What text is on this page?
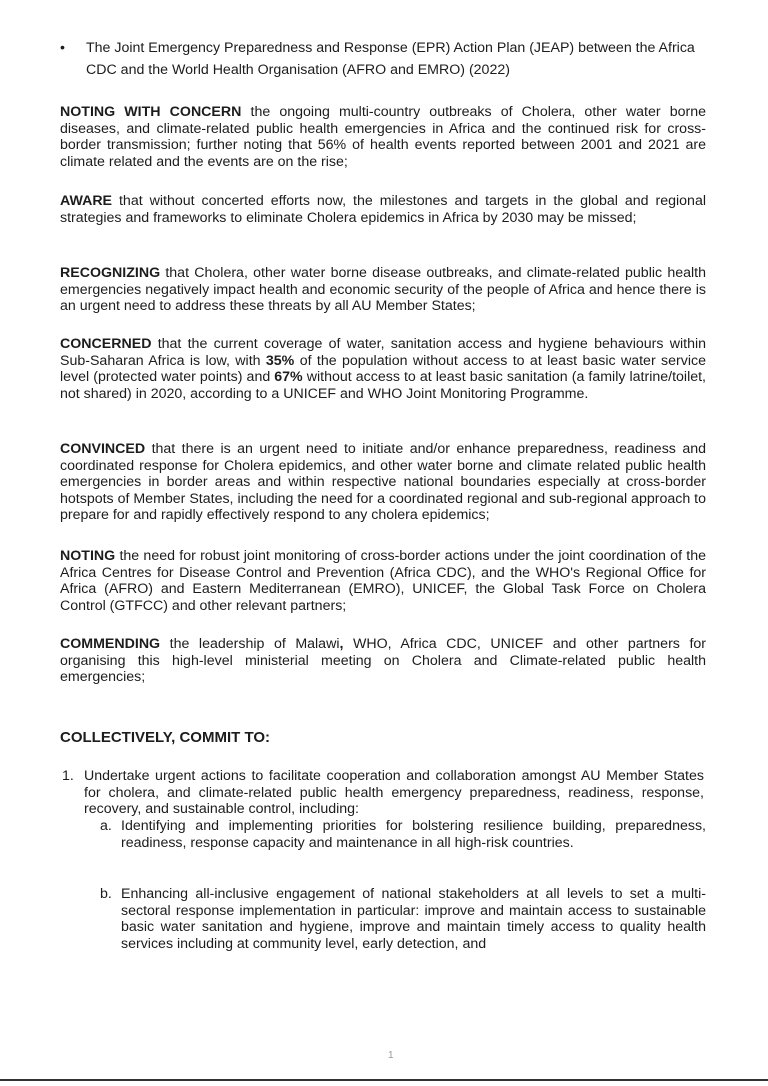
• The Joint Emergency Preparedness and Response (EPR) Action Plan (JEAP) between the Africa CDC and the World Health Organisation (AFRO and EMRO) (2022)

NOTING WITH CONCERN the ongoing multi-country outbreaks of Cholera, other water borne diseases, and climate-related public health emergencies in Africa and the continued risk for cross-border transmission; further noting that 56% of health events reported between 2001 and 2021 are climate related and the events are on the rise;

AWARE that without concerted efforts now, the milestones and targets in the global and regional strategies and frameworks to eliminate Cholera epidemics in Africa by 2030 may be missed;

RECOGNIZING that Cholera, other water borne disease outbreaks, and climate-related public health emergencies negatively impact health and economic security of the people of Africa and hence there is an urgent need to address these threats by all AU Member States;

CONCERNED that the current coverage of water, sanitation access and hygiene behaviours within Sub-Saharan Africa is low, with 35% of the population without access to at least basic water service level (protected water points) and 67% without access to at least basic sanitation (a family latrine/toilet, not shared) in 2020, according to a UNICEF and WHO Joint Monitoring Programme.

CONVINCED that there is an urgent need to initiate and/or enhance preparedness, readiness and coordinated response for Cholera epidemics, and other water borne and climate related public health emergencies in border areas and within respective national boundaries especially at cross-border hotspots of Member States, including the need for a coordinated regional and sub-regional approach to prepare for and rapidly effectively respond to any cholera epidemics;

NOTING the need for robust joint monitoring of cross-border actions under the joint coordination of the Africa Centres for Disease Control and Prevention (Africa CDC), and the WHO's Regional Office for Africa (AFRO) and Eastern Mediterranean (EMRO), UNICEF, the Global Task Force on Cholera Control (GTFCC) and other relevant partners;

COMMENDING the leadership of Malawi, WHO, Africa CDC, UNICEF and other partners for organising this high-level ministerial meeting on Cholera and Climate-related public health emergencies;

COLLECTIVELY, COMMIT TO:

1. Undertake urgent actions to facilitate cooperation and collaboration amongst AU Member States for cholera, and climate-related public health emergency preparedness, readiness, response, recovery, and sustainable control, including:

a. Identifying and implementing priorities for bolstering resilience building, preparedness, readiness, response capacity and maintenance in all high-risk countries.

b. Enhancing all-inclusive engagement of national stakeholders at all levels to set a multi-sectoral response implementation in particular: improve and maintain access to sustainable basic water sanitation and hygiene, improve and maintain timely access to quality health services including at community level, early detection, and

1
